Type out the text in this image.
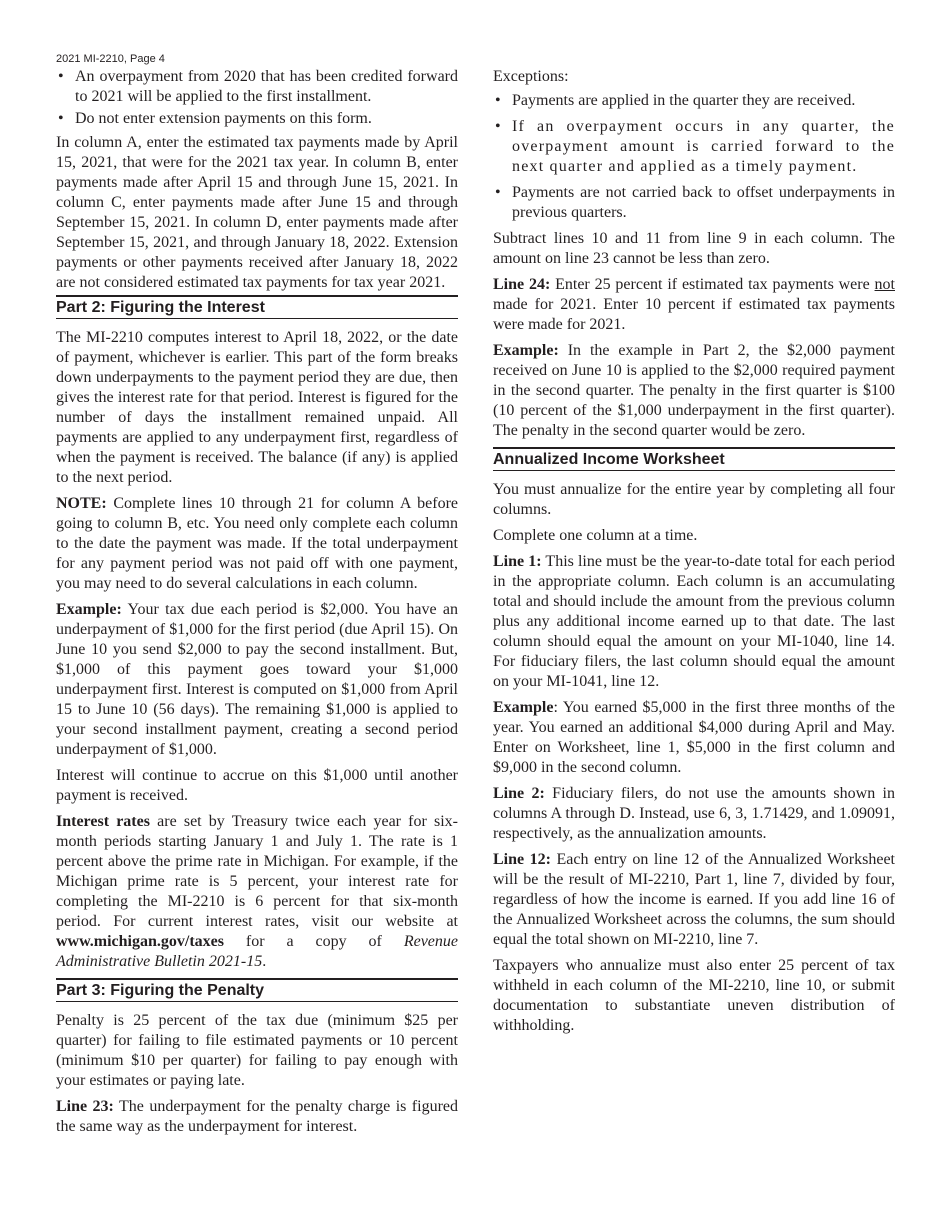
2021 MI-2210, Page 4
• An overpayment from 2020 that has been credited forward to 2021 will be applied to the first installment.
• Do not enter extension payments on this form.

In column A, enter the estimated tax payments made by April 15, 2021, that were for the 2021 tax year. In column B, enter payments made after April 15 and through June 15, 2021. In column C, enter payments made after June 15 and through September 15, 2021. In column D, enter payments made after September 15, 2021, and through January 18, 2022. Extension payments or other payments received after January 18, 2022 are not considered estimated tax payments for tax year 2021.

Part 2: Figuring the Interest

The MI-2210 computes interest to April 18, 2022, or the date of payment, whichever is earlier. This part of the form breaks down underpayments to the payment period they are due, then gives the interest rate for that period. Interest is figured for the number of days the installment remained unpaid. All payments are applied to any underpayment first, regardless of when the payment is received. The balance (if any) is applied to the next period.

NOTE: Complete lines 10 through 21 for column A before going to column B, etc. You need only complete each column to the date the payment was made. If the total underpayment for any payment period was not paid off with one payment, you may need to do several calculations in each column.

Example: Your tax due each period is $2,000. You have an underpayment of $1,000 for the first period (due April 15). On June 10 you send $2,000 to pay the second installment. But, $1,000 of this payment goes toward your $1,000 underpayment first. Interest is computed on $1,000 from April 15 to June 10 (56 days). The remaining $1,000 is applied to your second installment payment, creating a second period underpayment of $1,000.

Interest will continue to accrue on this $1,000 until another payment is received.

Interest rates are set by Treasury twice each year for six-month periods starting January 1 and July 1. The rate is 1 percent above the prime rate in Michigan. For example, if the Michigan prime rate is 5 percent, your interest rate for completing the MI-2210 is 6 percent for that six-month period. For current interest rates, visit our website at www.michigan.gov/taxes for a copy of Revenue Administrative Bulletin 2021-15.

Part 3: Figuring the Penalty

Penalty is 25 percent of the tax due (minimum $25 per quarter) for failing to file estimated payments or 10 percent (minimum $10 per quarter) for failing to pay enough with your estimates or paying late.

Line 23: The underpayment for the penalty charge is figured the same way as the underpayment for interest.

Exceptions:

• Payments are applied in the quarter they are received.
• If an overpayment occurs in any quarter, the overpayment amount is carried forward to the next quarter and applied as a timely payment.
• Payments are not carried back to offset underpayments in previous quarters.

Subtract lines 10 and 11 from line 9 in each column. The amount on line 23 cannot be less than zero.

Line 24: Enter 25 percent if estimated tax payments were not made for 2021. Enter 10 percent if estimated tax payments were made for 2021.

Example: In the example in Part 2, the $2,000 payment received on June 10 is applied to the $2,000 required payment in the second quarter. The penalty in the first quarter is $100 (10 percent of the $1,000 underpayment in the first quarter). The penalty in the second quarter would be zero.

Annualized Income Worksheet

You must annualize for the entire year by completing all four columns.

Complete one column at a time.

Line 1: This line must be the year-to-date total for each period in the appropriate column. Each column is an accumulating total and should include the amount from the previous column plus any additional income earned up to that date. The last column should equal the amount on your MI-1040, line 14. For fiduciary filers, the last column should equal the amount on your MI-1041, line 12.

Example: You earned $5,000 in the first three months of the year. You earned an additional $4,000 during April and May. Enter on Worksheet, line 1, $5,000 in the first column and $9,000 in the second column.

Line 2: Fiduciary filers, do not use the amounts shown in columns A through D. Instead, use 6, 3, 1.71429, and 1.09091, respectively, as the annualization amounts.

Line 12: Each entry on line 12 of the Annualized Worksheet will be the result of MI-2210, Part 1, line 7, divided by four, regardless of how the income is earned. If you add line 16 of the Annualized Worksheet across the columns, the sum should equal the total shown on MI-2210, line 7.

Taxpayers who annualize must also enter 25 percent of tax withheld in each column of the MI-2210, line 10, or submit documentation to substantiate uneven distribution of withholding.
